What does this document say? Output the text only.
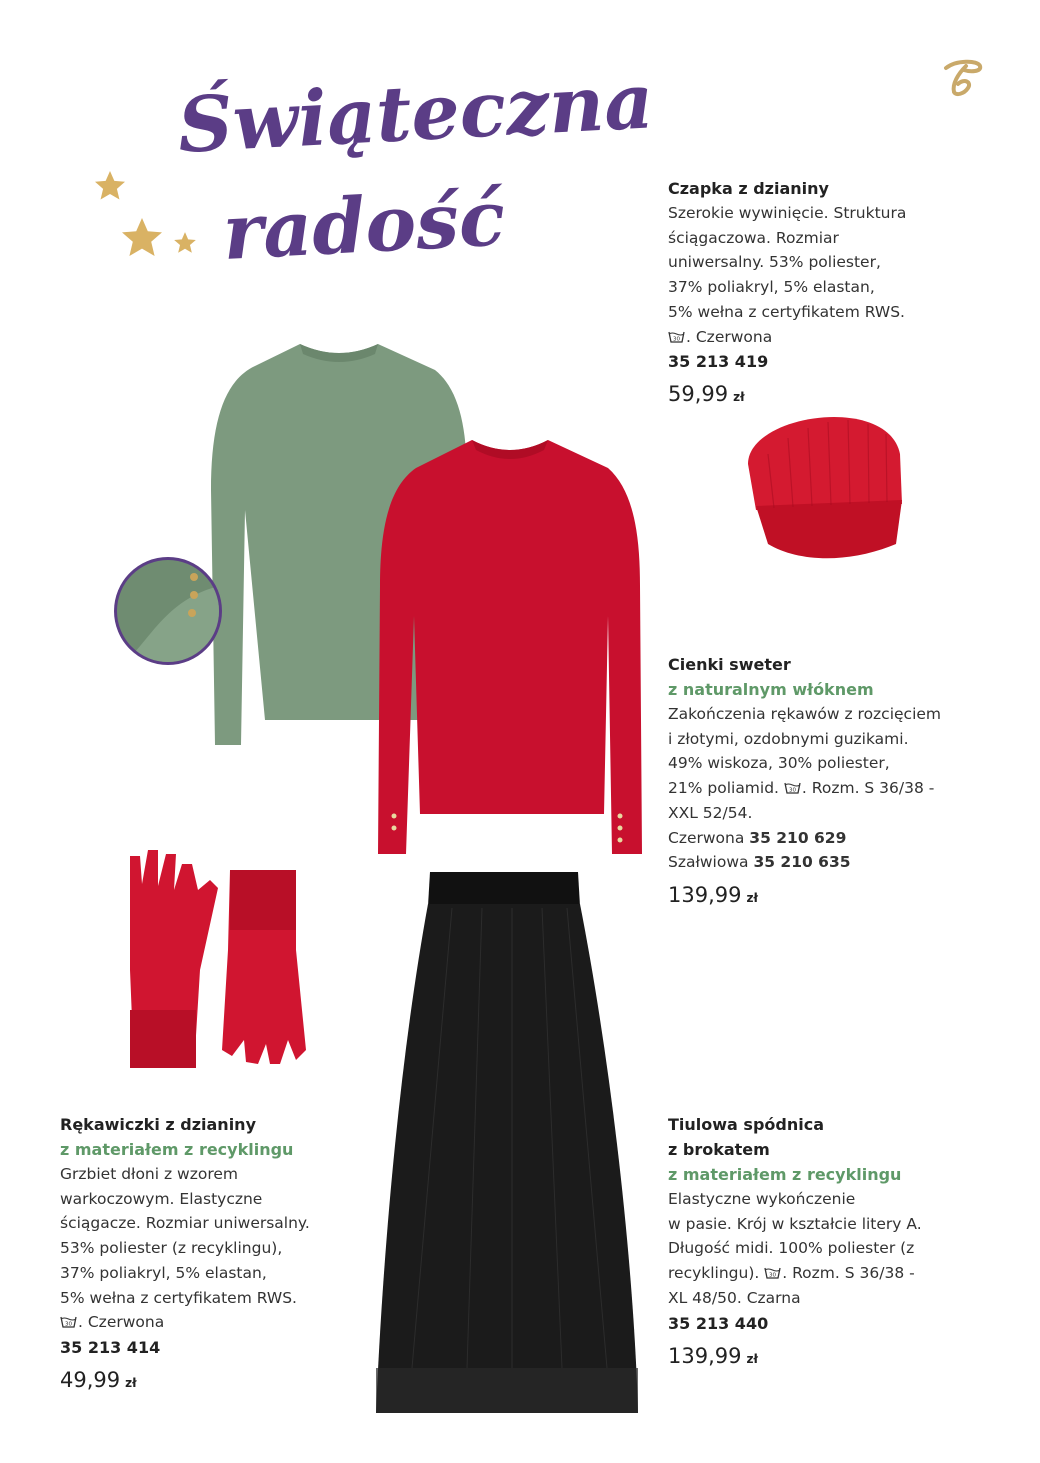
Świąteczna
radość	Czapka z dzianiny
Szerokie wywinięcie. Struktura
ściągaczowa. Rozmiar
uniwersalny. 53% poliester,
37% poliakryl, 5% elastan,
5% wełna z certyfikatem RWS.
30 . Czerwona
35 213 419
59,99 zł
Cienki sweter
z naturalnym włóknem
Zakończenia rękawów z rozcięciem
i złotymi, ozdobnymi guzikami.
49% wiskoza, 30% poliester,
21% poliamid. 30 . Rozm. S 36/38 -
XXL 52/54.
Czerwona 35 210 629
Szałwiowa 35 210 635
139,99 zł
Rękawiczki z dzianiny
z materiałem z recyklingu
Grzbiet dłoni z wzorem
warkoczowym. Elastyczne
ściągacze. Rozmiar uniwersalny.
53% poliester (z recyklingu),
37% poliakryl, 5% elastan,
5% wełna z certyfikatem RWS.
30 . Czerwona
35 213 414
49,99 zł
Tiulowa spódnica
z brokatem
z materiałem z recyklingu
Elastyczne wykończenie
w pasie. Krój w kształcie litery A.
Długość midi. 100% poliester (z
recyklingu). 30 . Rozm. S 36/38 -
XL 48/50. Czarna
35 213 440
139,99 zł
